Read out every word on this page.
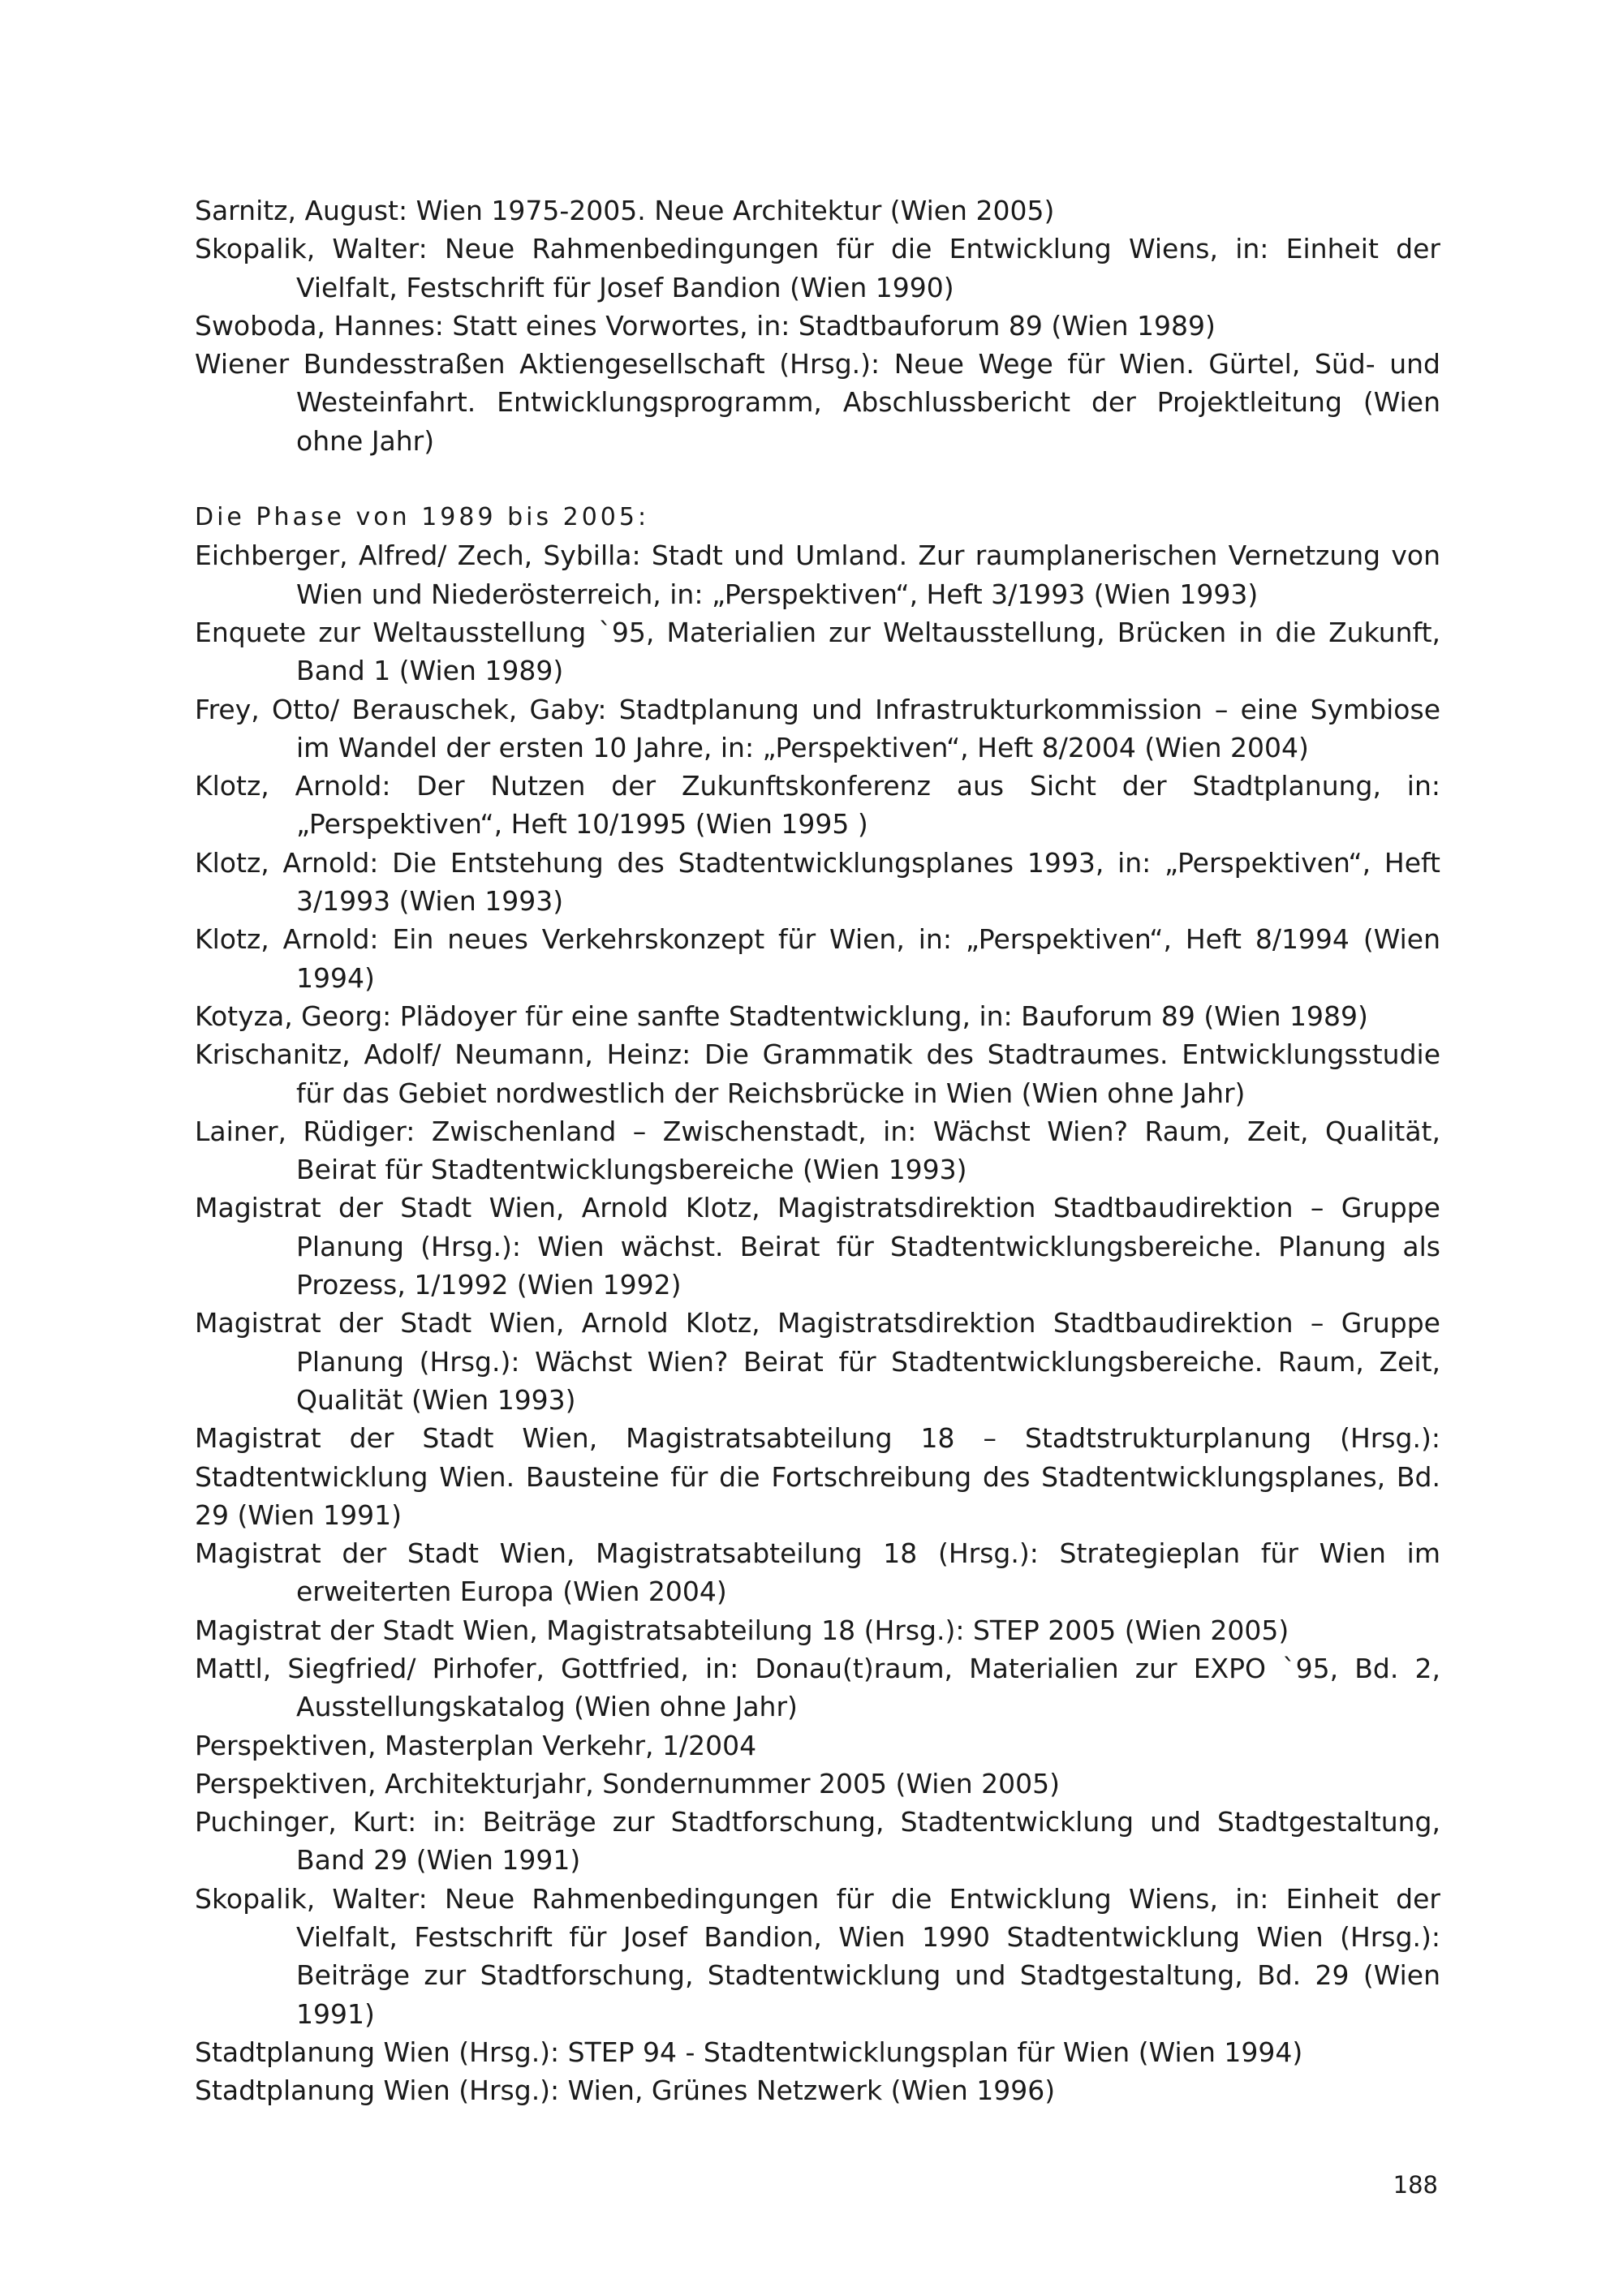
Sarnitz, August: Wien 1975-2005. Neue Architektur (Wien 2005)

Skopalik, Walter: Neue Rahmenbedingungen für die Entwicklung Wiens, in: Einheit der Vielfalt, Festschrift für Josef Bandion (Wien 1990)

Swoboda, Hannes: Statt eines Vorwortes, in: Stadtbauforum 89 (Wien 1989)

Wiener Bundesstraßen Aktiengesellschaft (Hrsg.): Neue Wege für Wien. Gürtel, Süd- und Westeinfahrt. Entwicklungsprogramm, Abschlussbericht der Projektleitung (Wien ohne Jahr)

Die Phase von 1989 bis 2005:

Eichberger, Alfred/ Zech, Sybilla: Stadt und Umland. Zur raumplanerischen Vernetzung von Wien und Niederösterreich, in: „Perspektiven“, Heft 3/1993 (Wien 1993)

Enquete zur Weltausstellung `95, Materialien zur Weltausstellung, Brücken in die Zukunft, Band 1 (Wien 1989)

Frey, Otto/ Berauschek, Gaby: Stadtplanung und Infrastrukturkommission – eine Symbiose im Wandel der ersten 10 Jahre, in: „Perspektiven“, Heft 8/2004 (Wien 2004)

Klotz, Arnold: Der Nutzen der Zukunftskonferenz aus Sicht der Stadtplanung, in: „Perspektiven“, Heft 10/1995 (Wien 1995 )

Klotz, Arnold: Die Entstehung des Stadtentwicklungsplanes 1993, in: „Perspektiven“, Heft 3/1993 (Wien 1993)

Klotz, Arnold: Ein neues Verkehrskonzept für Wien, in: „Perspektiven“, Heft 8/1994 (Wien 1994)

Kotyza, Georg: Plädoyer für eine sanfte Stadtentwicklung, in: Bauforum 89 (Wien 1989)

Krischanitz, Adolf/ Neumann, Heinz: Die Grammatik des Stadtraumes. Entwicklungsstudie für das Gebiet nordwestlich der Reichsbrücke in Wien (Wien ohne Jahr)

Lainer, Rüdiger: Zwischenland – Zwischenstadt, in: Wächst Wien? Raum, Zeit, Qualität, Beirat für Stadtentwicklungsbereiche (Wien 1993)

Magistrat der Stadt Wien, Arnold Klotz, Magistratsdirektion Stadtbaudirektion – Gruppe Planung (Hrsg.): Wien wächst. Beirat für Stadtentwicklungsbereiche. Planung als Prozess, 1/1992 (Wien 1992)

Magistrat der Stadt Wien, Arnold Klotz, Magistratsdirektion Stadtbaudirektion – Gruppe Planung (Hrsg.): Wächst Wien? Beirat für Stadtentwicklungsbereiche. Raum, Zeit, Qualität (Wien 1993)

Magistrat der Stadt Wien, Magistratsabteilung 18 – Stadtstrukturplanung (Hrsg.): Stadtentwicklung Wien. Bausteine für die Fortschreibung des Stadtentwicklungsplanes, Bd. 29 (Wien 1991)

Magistrat der Stadt Wien, Magistratsabteilung 18 (Hrsg.): Strategieplan für Wien im erweiterten Europa (Wien 2004)

Magistrat der Stadt Wien, Magistratsabteilung 18 (Hrsg.): STEP 2005 (Wien 2005)

Mattl, Siegfried/ Pirhofer, Gottfried, in: Donau(t)raum, Materialien zur EXPO `95, Bd. 2, Ausstellungskatalog (Wien ohne Jahr)

Perspektiven, Masterplan Verkehr, 1/2004

Perspektiven, Architekturjahr, Sondernummer 2005 (Wien 2005)

Puchinger, Kurt: in: Beiträge zur Stadtforschung, Stadtentwicklung und Stadtgestaltung, Band 29 (Wien 1991)

Skopalik, Walter: Neue Rahmenbedingungen für die Entwicklung Wiens, in: Einheit der Vielfalt, Festschrift für Josef Bandion, Wien 1990 Stadtentwicklung Wien (Hrsg.): Beiträge zur Stadtforschung, Stadtentwicklung und Stadtgestaltung, Bd. 29 (Wien 1991)

Stadtplanung Wien (Hrsg.): STEP 94 - Stadtentwicklungsplan für Wien (Wien 1994)

Stadtplanung Wien (Hrsg.): Wien, Grünes Netzwerk (Wien 1996)

188
